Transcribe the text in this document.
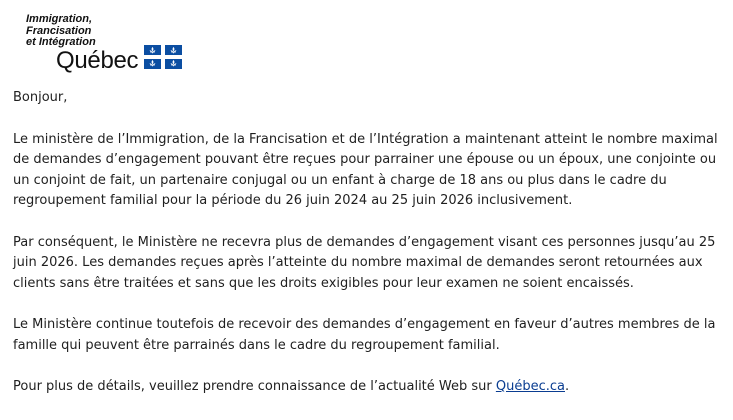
Immigration,
Francisation
et Intégration
Québec

Bonjour,

Le ministère de l’Immigration, de la Francisation et de l’Intégration a maintenant atteint le nombre maximal de demandes d’engagement pouvant être reçues pour parrainer une épouse ou un époux, une conjointe ou un conjoint de fait, un partenaire conjugal ou un enfant à charge de 18 ans ou plus dans le cadre du regroupement familial pour la période du 26 juin 2024 au 25 juin 2026 inclusivement.

Par conséquent, le Ministère ne recevra plus de demandes d’engagement visant ces personnes jusqu’au 25 juin 2026. Les demandes reçues après l’atteinte du nombre maximal de demandes seront retournées aux clients sans être traitées et sans que les droits exigibles pour leur examen ne soient encaissés.

Le Ministère continue toutefois de recevoir des demandes d’engagement en faveur d’autres membres de la famille qui peuvent être parrainés dans le cadre du regroupement familial.

Pour plus de détails, veuillez prendre connaissance de l’actualité Web sur Québec.ca.
